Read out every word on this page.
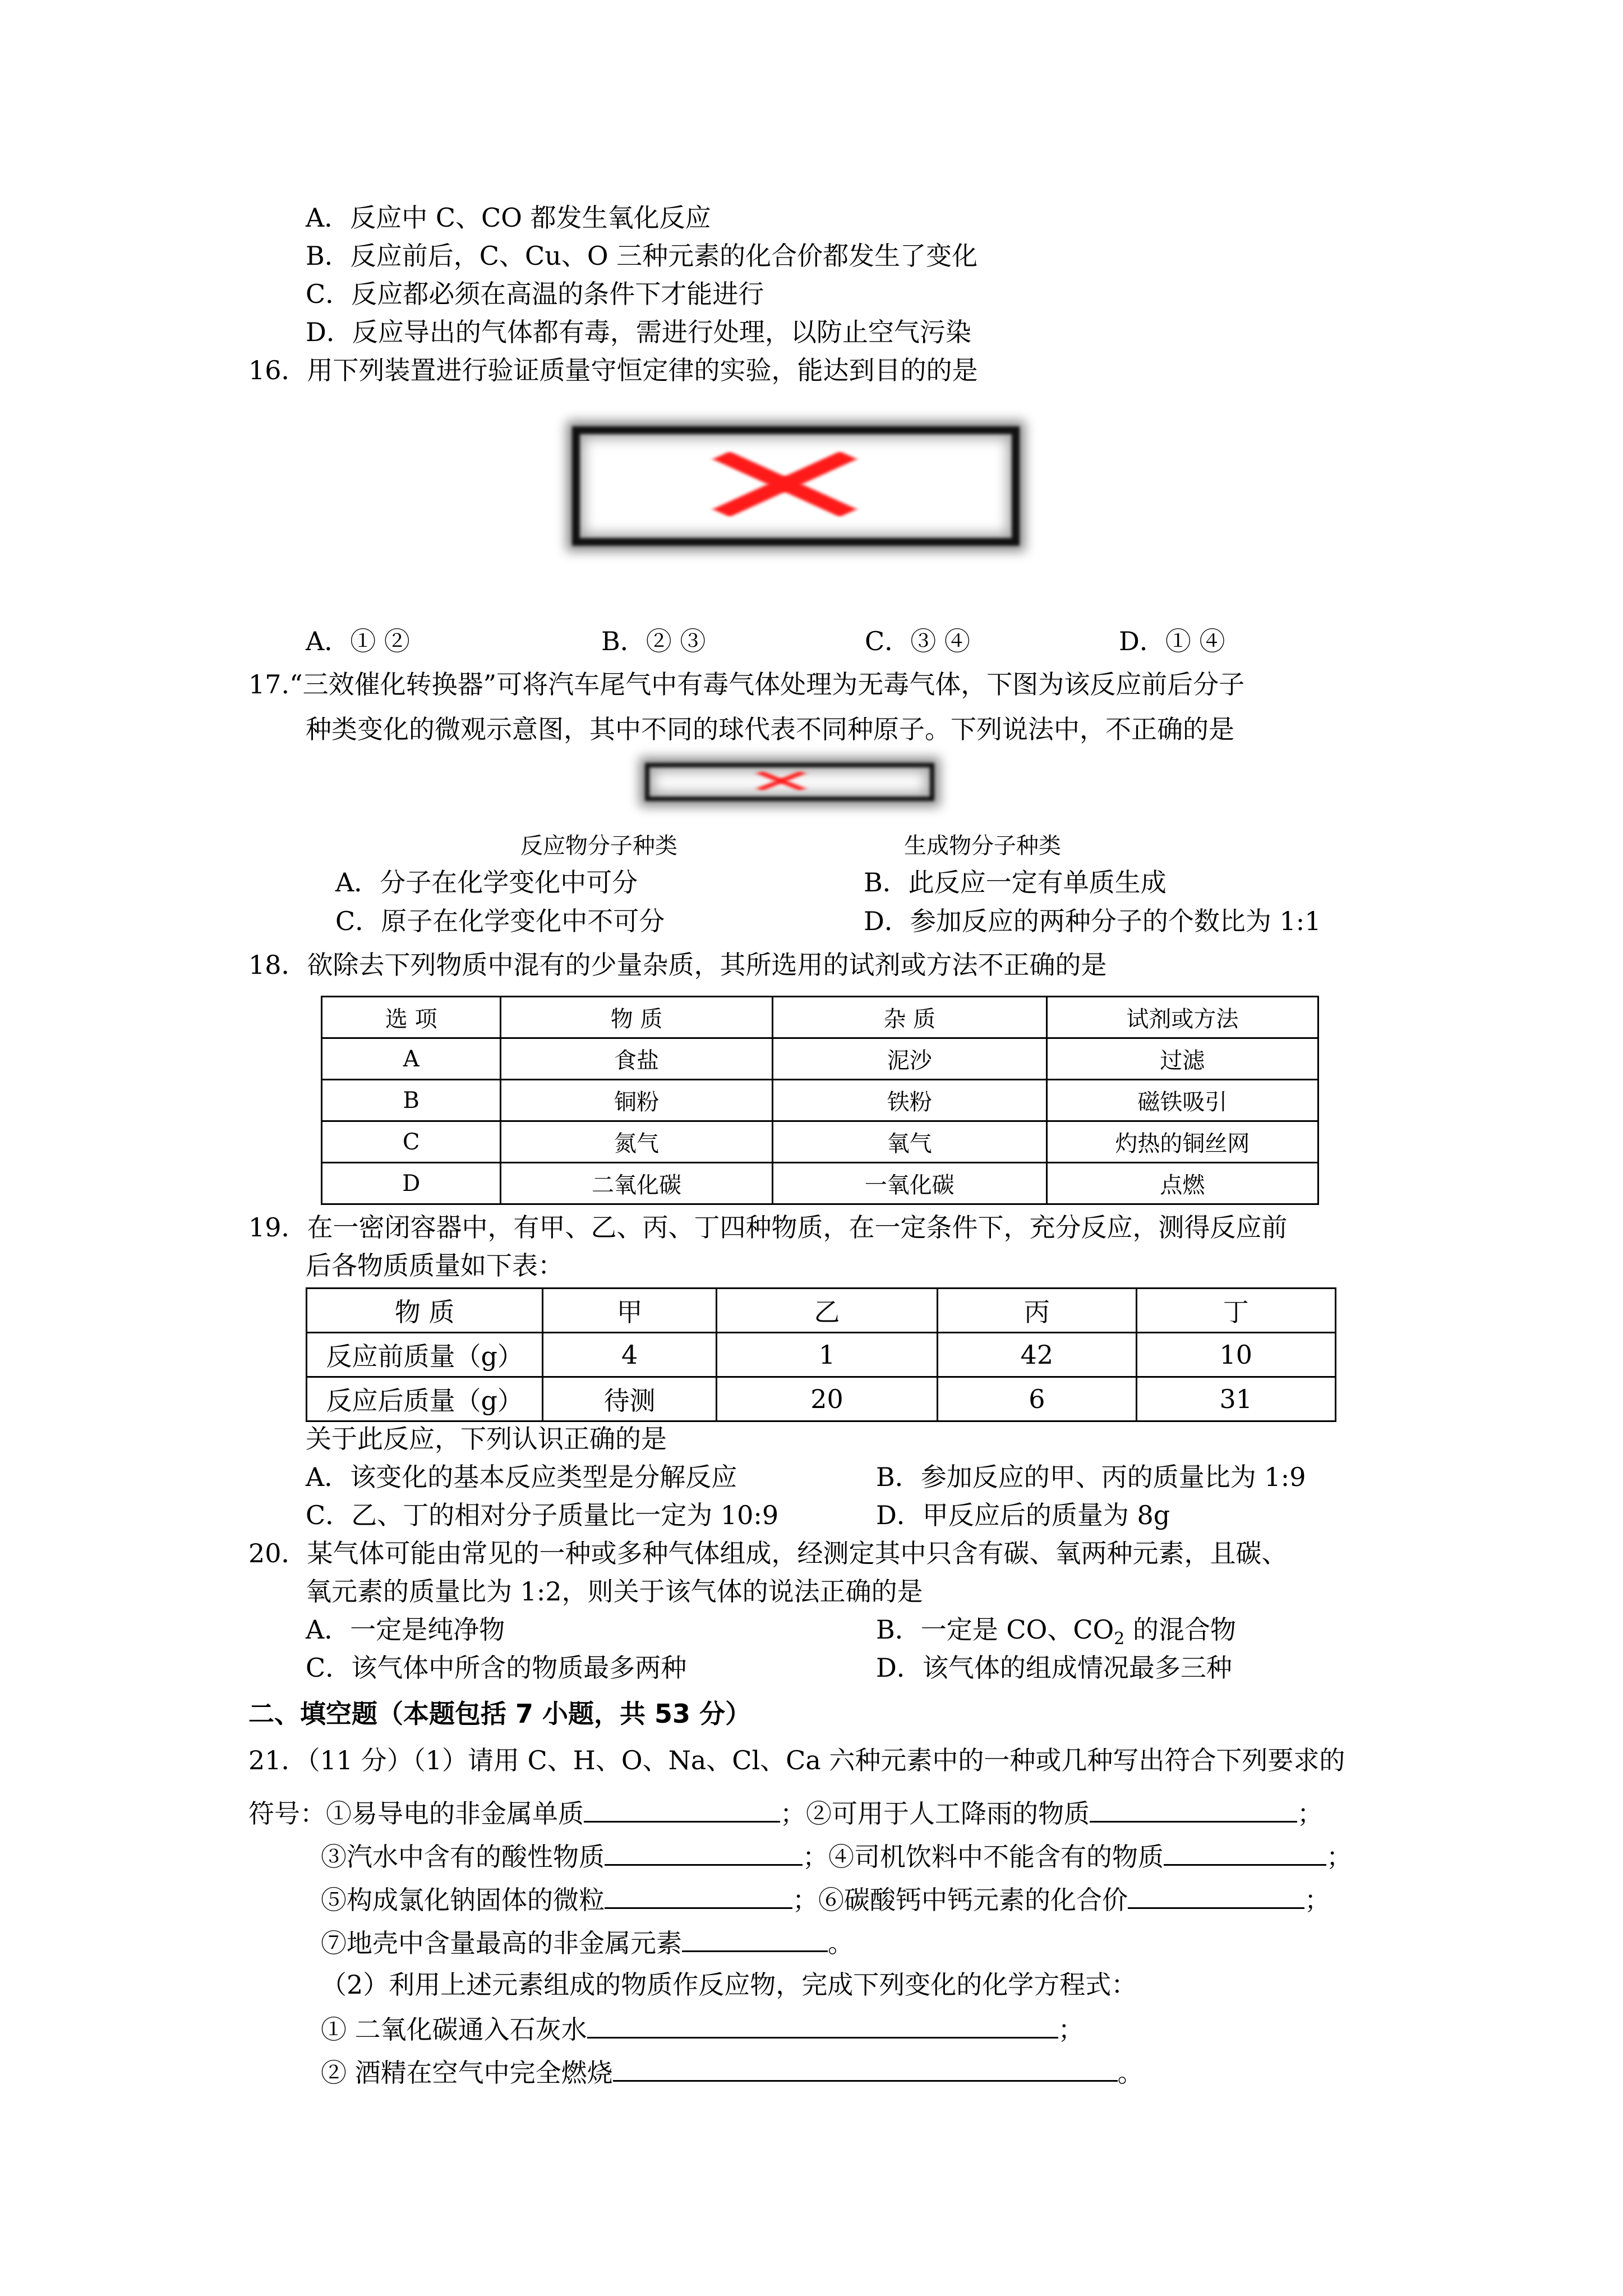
A．反应中 C、CO 都发生氧化反应
B．反应前后，C、Cu、O 三种元素的化合价都发生了变化
C．反应都必须在高温的条件下才能进行
D．反应导出的气体都有毒，需进行处理，以防止空气污染
16．用下列装置进行验证质量守恒定律的实验，能达到目的的是
✕
A．① ②	B．② ③	C．③ ④	D．① ④
17.“三效催化转换器”可将汽车尾气中有毒气体处理为无毒气体，下图为该反应前后分子
种类变化的微观示意图，其中不同的球代表不同种原子。下列说法中，不正确的是
✕
反应物分子种类	生成物分子种类
A．分子在化学变化中可分	B．此反应一定有单质生成
C．原子在化学变化中不可分	D．参加反应的两种分子的个数比为 1:1
18．欲除去下列物质中混有的少量杂质，其所选用的试剂或方法不正确的是
选 项	物 质	杂 质	试剂或方法
A	食盐	泥沙	过滤
B	铜粉	铁粉	磁铁吸引
C	氮气	氧气	灼热的铜丝网
D	二氧化碳	一氧化碳	点燃
19．在一密闭容器中，有甲、乙、丙、丁四种物质，在一定条件下，充分反应，测得反应前
后各物质质量如下表：
物 质	甲	乙	丙	丁
反应前质量（g）	4	1	42	10
反应后质量（g）	待测	20	6	31
关于此反应，下列认识正确的是
A．该变化的基本反应类型是分解反应	B．参加反应的甲、丙的质量比为 1:9
C．乙、丁的相对分子质量比一定为 10:9	D．甲反应后的质量为 8g
20．某气体可能由常见的一种或多种气体组成，经测定其中只含有碳、氧两种元素，且碳、
氧元素的质量比为 1:2，则关于该气体的说法正确的是
A．一定是纯净物	B．一定是 CO、$CO_2$ 的混合物
C．该气体中所含的物质最多两种	D．该气体的组成情况最多三种
二、填空题（本题包括 7 小题，共 53 分）
21．（11 分）（1）请用 C、H、O、Na、Cl、Ca 六种元素中的一种或几种写出符合下列要求的
符号：①易导电的非金属单质	；②可用于人工降雨的物质	；
③汽水中含有的酸性物质	；④司机饮料中不能含有的物质	；
⑤构成氯化钠固体的微粒	；⑥碳酸钙中钙元素的化合价	；
⑦地壳中含量最高的非金属元素	。
（2）利用上述元素组成的物质作反应物，完成下列变化的化学方程式：
① 二氧化碳通入石灰水	；
② 酒精在空气中完全燃烧	。
